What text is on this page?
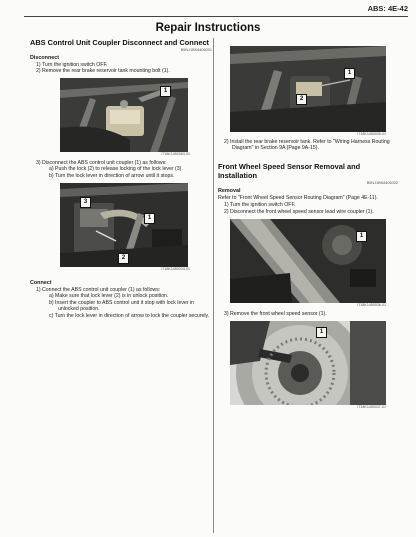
ABS: 4E-42
Repair Instructions
ABS Control Unit Coupler Disconnect and Connect
B5NJ1BK8406001
Disconnect
1) Turn the ignition switch OFF.
2) Remove the rear brake reservoir tank mounting bolt (1).
1
I718K1450063-01
3) Disconnect the ABS control unit coupler (1) as follows:
a) Push the lock (2) to release locking of the lock lever (3).
b) Turn the lock lever in direction of arrow until it stops.
3
1
2
I718K1450034-01
Connect
1) Connect the ABS control unit coupler (1) as follows:
a) Make sure that lock lever (2) is in unlock position.
b) Insert the coupler to ABS control unit it stop with lock lever in unlocked position.
c) Turn the lock lever in direction of arrow to lock the coupler securely.
1
2
I718K1450035-01
2) Install the rear brake reservoir tank. Refer to "Wiring Harness Routing Diagram" in Section 9A (Page 9A-15).
Front Wheel Speed Sensor Removal and Installation
B5NJ1BK8406002
Removal
Refer to "Front Wheel Speed Sensor Routing Diagram" (Page 4E-11).
1) Turn the ignition switch OFF.
2) Disconnect the front wheel speed sensor lead wire coupler (1).
1
I718K1450036-01
3) Remove the front wheel speed sensor (1).
1
I718K1450037-01
